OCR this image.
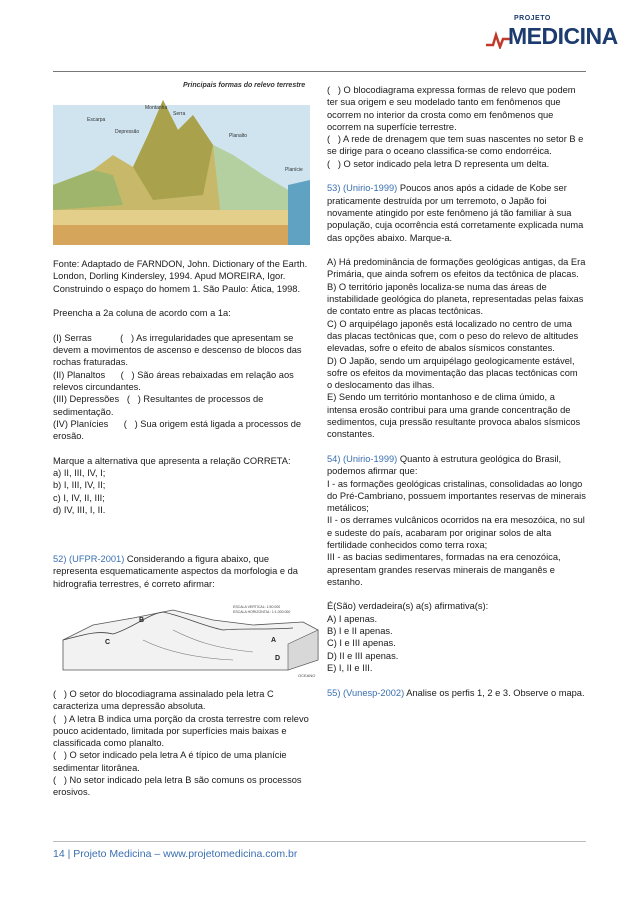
PROJETO
MEDICINA
Principais formas do relevo terrestre
Montanha
Serra
Escarpa
Depressão
Planalto
Planície

Fonte: Adaptado de FARNDON, John. Dictionary of the Earth. London, Dorling Kindersley, 1994. Apud MOREIRA, Igor. Construindo o espaço do homem 1. São Paulo: Ática, 1998.

Preencha a 2a coluna de acordo com a 1a:

(I) Serras           (   ) As irregularidades que apresentam se devem a movimentos de ascenso e descenso de blocos das rochas fraturadas.

(II) Planaltos      (   ) São áreas rebaixadas em relação aos relevos circundantes.

(III) Depressões   (   ) Resultantes de processos de sedimentação.

(IV) Planícies      (   ) Sua origem está ligada a processos de erosão.

Marque a alternativa que apresenta a relação CORRETA:

a) II, III, IV, I;

b) I, III, IV, II;

c) I, IV, II, III;

d) IV, III, I, II.

52) (UFPR-2001) Considerando a figura abaixo, que representa esquematicamente aspectos da morfologia e da hidrografia terrestres, é correto afirmar:

A
B
C
D
ESCALA VERTICAL: 1:50.000
ESCALA HORIZONTAL: 1:1.000.000
OCEANO

(   ) O setor do blocodiagrama assinalado pela letra C caracteriza uma depressão absoluta.

(   ) A letra B indica uma porção da crosta terrestre com relevo pouco acidentado, limitada por superfícies mais baixas e classificada como planalto.

(   ) O setor indicado pela letra A é típico de uma planície sedimentar litorânea.

(   ) No setor indicado pela letra B são comuns os processos erosivos.

(   ) O blocodiagrama expressa formas de relevo que podem ter sua origem e seu modelado tanto em fenômenos que ocorrem no interior da crosta como em fenômenos que ocorrem na superfície terrestre.

(   ) A rede de drenagem que tem suas nascentes no setor B e se dirige para o oceano classifica-se como endorréica.

(   ) O setor indicado pela letra D representa um delta.

53) (Unirio-1999) Poucos anos após a cidade de Kobe ser praticamente destruída por um terremoto, o Japão foi novamente atingido por este fenômeno já tão familiar à sua população, cuja ocorrência está corretamente explicada numa das opções abaixo. Marque-a.

A) Há predominância de formações geológicas antigas, da Era Primária, que ainda sofrem os efeitos da tectônica de placas.

B) O território japonês localiza-se numa das áreas de instabilidade geológica do planeta, representadas pelas faixas de contato entre as placas tectônicas.

C) O arquipélago japonês está localizado no centro de uma das placas tectônicas que, com o peso do relevo de altitudes elevadas, sofre o efeito de abalos sísmicos constantes.

D) O Japão, sendo um arquipélago geologicamente estável, sofre os efeitos da movimentação das placas tectônicas com

o deslocamento das ilhas.

E) Sendo um território montanhoso e de clima úmido, a intensa erosão contribui para uma grande concentração de sedimentos, cuja pressão resultante provoca abalos sísmicos constantes.

54) (Unirio-1999) Quanto à estrutura geológica do Brasil, podemos afirmar que:

I - as formações geológicas cristalinas, consolidadas ao longo do Pré-Cambriano, possuem importantes reservas de minerais metálicos;

II - os derrames vulcânicos ocorridos na era mesozóica, no sul e sudeste do país, acabaram por originar solos de alta fertilidade conhecidos como terra roxa;

III - as bacias sedimentares, formadas na era cenozóica, apresentam grandes reservas minerais de manganês e estanho.

É(São) verdadeira(s) a(s) afirmativa(s):

A) I apenas.

B) I e II apenas.

C) I e III apenas.

D) II e III apenas.

E) I, II e III.

55) (Vunesp-2002) Analise os perfis 1, 2 e 3. Observe o mapa.

14 | Projeto Medicina – www.projetomedicina.com.br
